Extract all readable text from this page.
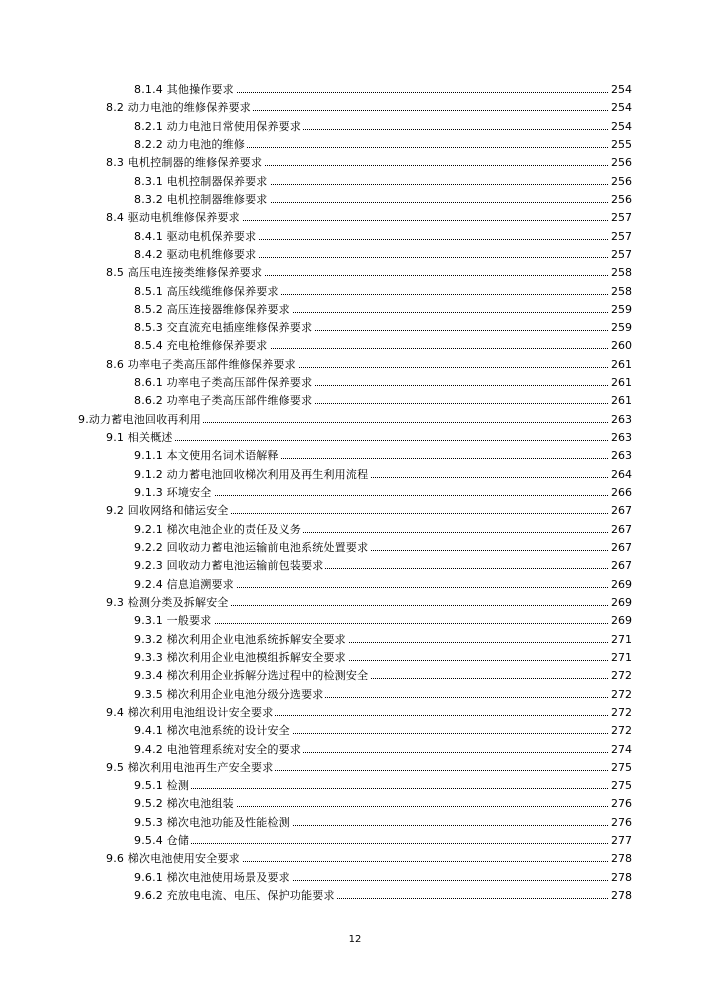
8.1.4 其他操作要求	254
8.2 动力电池的维修保养要求	254
8.2.1 动力电池日常使用保养要求	254
8.2.2 动力电池的维修	255
8.3 电机控制器的维修保养要求	256
8.3.1 电机控制器保养要求	256
8.3.2 电机控制器维修要求	256
8.4 驱动电机维修保养要求	257
8.4.1 驱动电机保养要求	257
8.4.2 驱动电机维修要求	257
8.5 高压电连接类维修保养要求	258
8.5.1 高压线缆维修保养要求	258
8.5.2 高压连接器维修保养要求	259
8.5.3 交直流充电插座维修保养要求	259
8.5.4 充电枪维修保养要求	260
8.6 功率电子类高压部件维修保养要求	261
8.6.1 功率电子类高压部件保养要求	261
8.6.2 功率电子类高压部件维修要求	261
9.动力蓄电池回收再利用	263
9.1 相关概述	263
9.1.1 本文使用名词术语解释	263
9.1.2 动力蓄电池回收梯次利用及再生利用流程	264
9.1.3 环境安全	266
9.2 回收网络和储运安全	267
9.2.1 梯次电池企业的责任及义务	267
9.2.2 回收动力蓄电池运输前电池系统处置要求	267
9.2.3 回收动力蓄电池运输前包装要求	267
9.2.4 信息追溯要求	269
9.3 检测分类及拆解安全	269
9.3.1 一般要求	269
9.3.2 梯次利用企业电池系统拆解安全要求	271
9.3.3 梯次利用企业电池模组拆解安全要求	271
9.3.4 梯次利用企业拆解分选过程中的检测安全	272
9.3.5 梯次利用企业电池分级分选要求	272
9.4 梯次利用电池组设计安全要求	272
9.4.1 梯次电池系统的设计安全	272
9.4.2 电池管理系统对安全的要求	274
9.5 梯次利用电池再生产安全要求	275
9.5.1 检测	275
9.5.2 梯次电池组装	276
9.5.3 梯次电池功能及性能检测	276
9.5.4 仓储	277
9.6 梯次电池使用安全要求	278
9.6.1 梯次电池使用场景及要求	278
9.6.2 充放电电流、电压、保护功能要求	278
12
